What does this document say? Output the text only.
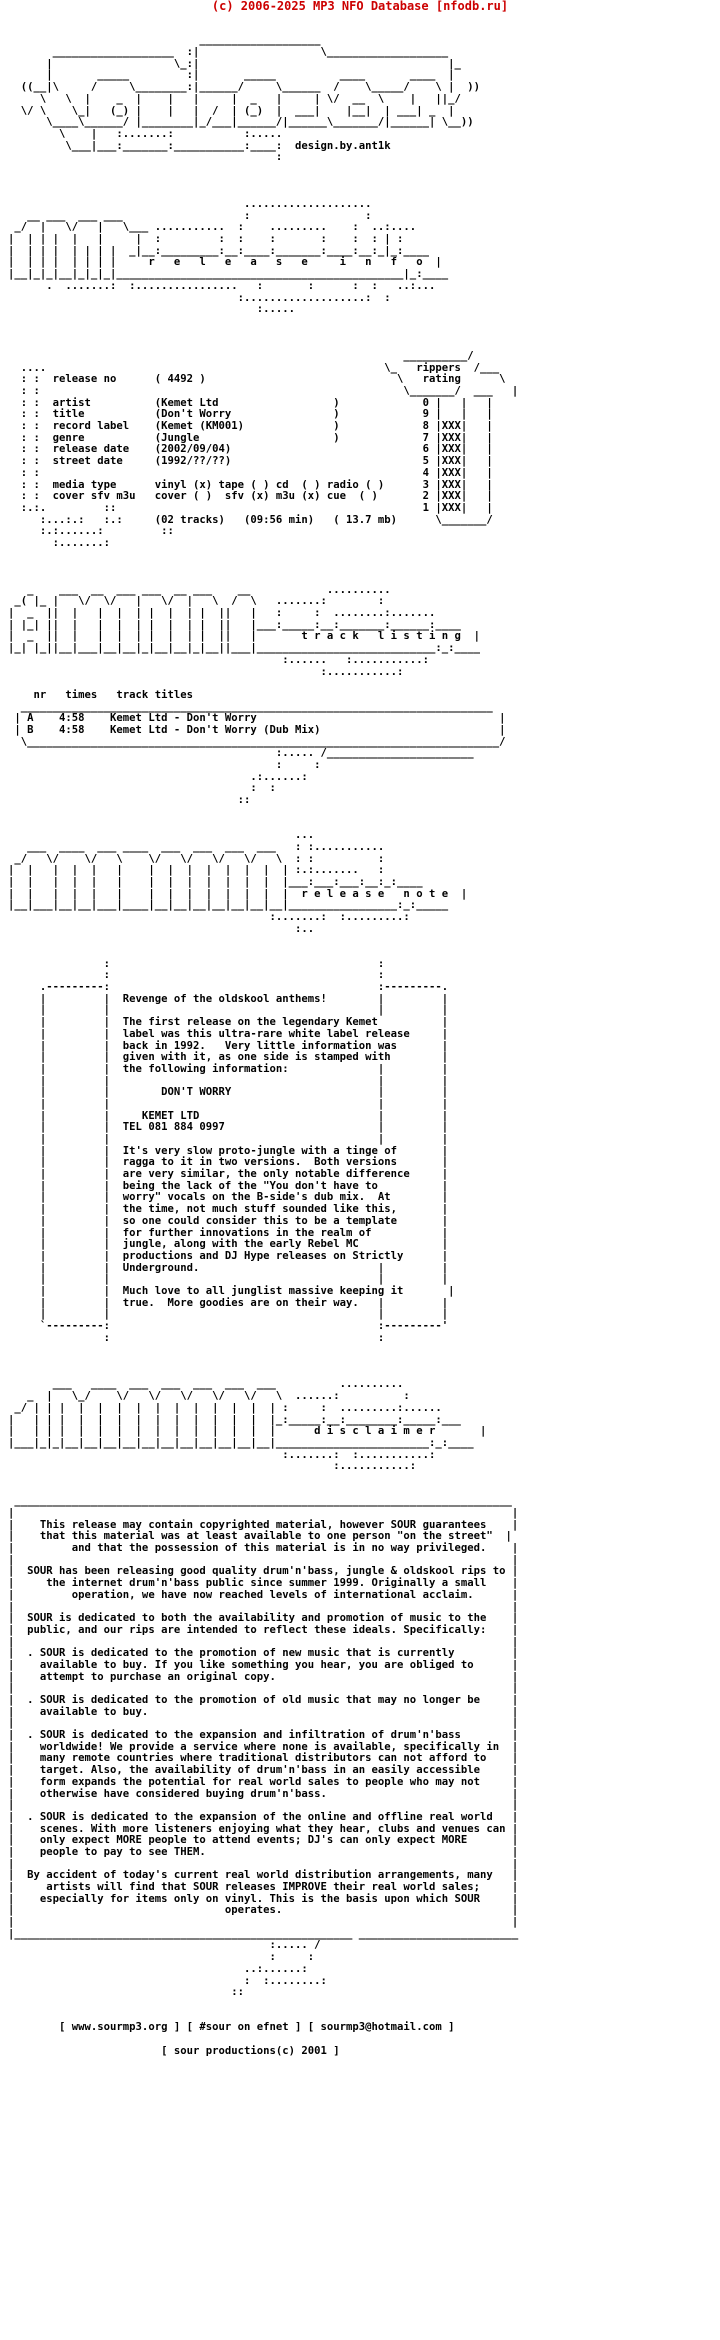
(c) 2006-2025 MP3 NFO Database [nfodb.ru]

___________________
___________________  :|                   \___________________
|                   \_:|                                       |_
|       _____         :|       _____          ____       ____  |
((__|\     /     \________:|______/     \______  /    \_____/    \ |  ))
\   \  |    _  |    |   |     |  _   |     | \/  __  \    |   ||_/
\/ \    \_|   (_) |    |   |  /  | (_)  |  ___|    |__|  | ___| _  |
\____\______/ |________|_/___|______/|______\_______/|______| \__))
\    |   :.......:           :.....
\___|___:_______:___________:____:  design.by.ant1k
:

....................
__ ___  ___ ___                   :                  :
_/  |   \/   |   \___ ...........  :    .........    :  ..:....
|  | | |  |   |     |  :         :  :    :       :    :  : | :
|  | | |  | | | |  _|__:_________:__:____:_______:____:__:_|_:____
|  | | |  | | | |     r   e   l   e   a   s   e     i   n   f   o  |
|__|_|_|__|_|_|_|_____________________________________________|_:____
.  .......:  :................   :       :      :  :   ..:...
:...................:  :
:.....

__________/
....                                                     \_   rippers  /___
: :  release no      ( 4492 )                              \   rating      \
: :                                                         \_______/  ___   |
: :  artist          (Kemet Ltd                  )             0 |   |   |
: :  title           (Don't Worry                )             9 |   |   |
: :  record label    (Kemet (KM001)              )             8 |XXX|   |
: :  genre           (Jungle                     )             7 |XXX|   |
: :  release date    (2002/09/04)                              6 |XXX|   |
: :  street date     (1992/??/??)                              5 |XXX|   |
: :                                                            4 |XXX|   |
: :  media type      vinyl (x) tape ( ) cd  ( ) radio ( )      3 |XXX|   |
: :  cover sfv m3u   cover ( )  sfv (x) m3u (x) cue  ( )       2 |XXX|   |
:.:.         ::                                                1 |XXX|   |
:...:.:   :.:     (02 tracks)   (09:56 min)   ( 13.7 mb)      \_______/
:.:......:         ::
:.......:

_    ___  __  ___ ___  __ ___    __            ..........
_( |_ |   \/  \/   |   \/  |   \  /  \   .......:        :
|  _  ||  |   |  |  | |  |  | |  ||   |   :     :  ........:.......
| |_| ||  |   |  |  | |  |  | |  ||   |___:_____:__:_______:______:____
|  _  ||  |   |  |  | |  |  | |  ||   |       t r a c k   l i s t i n g  |
|_| |_||__|___|__|__|_|__|__|_|__||___|____________________________:_:____
:......   :...........:
:...........:

nr   times   track titles
__________________________________________________________________________
| A    4:58    Kemet Ltd - Don't Worry                                      |
| B    4:58    Kemet Ltd - Don't Worry (Dub Mix)                            |
\__________________________________________________________________________/
:..... /_______________________
:     :
.:......:
:  :
::

...
___  ____  ___ ____  ___  ___  ___  ___   : :...........
_/   \/    \/   \    \/   \/   \/   \/   \  : :          :
|  |   |  |  |   |    |  |  |  |  |  |  |  | :.:.......   :
|  |   |  |  |   |    |  |  |  |  |  |  |  |___:___:___:__:_:____
|  |   |  |  |   |    |  |  |  |  |  |  |  |  r e l e a s e   n o t e  |
|__|___|__|__|___|____|__|__|__|__|__|__|__|_________________:_:_____
:.......:  :.........:
:..

:                                          :
:                                          :
.---------:                                          :---------.
|         |  Revenge of the oldskool anthems!        |         |
|         |                                          |         |
|         |  The first release on the legendary Kemet          |
|         |  label was this ultra-rare white label release     |
|         |  back in 1992.   Very little information was       |
|         |  given with it, as one side is stamped with        |
|         |  the following information:              |         |
|         |                                          |         |
|         |        DON'T WORRY                       |         |
|         |                                          |         |
|         |     KEMET LTD                            |         |
|         |  TEL 081 884 0997                        |         |
|         |                                          |         |
|         |  It's very slow proto-jungle with a tinge of       |
|         |  ragga to it in two versions.  Both versions       |
|         |  are very similar, the only notable difference     |
|         |  being the lack of the "You don't have to          |
|         |  worry" vocals on the B-side's dub mix.  At        |
|         |  the time, not much stuff sounded like this,       |
|         |  so one could consider this to be a template       |
|         |  for further innovations in the realm of           |
|         |  jungle, along with the early Rebel MC             |
|         |  productions and DJ Hype releases on Strictly      |
|         |  Underground.                            |         |
|         |                                          |         |
|         |  Much love to all junglist massive keeping it       |
|         |  true.  More goodies are on their way.   |         |
|         |                                          |         |
`---------:                                          :---------'
:                                          :

___   ____  ___  ___  ___  ___  ___          ..........
_  |   \_/    \/   \/   \/   \/   \/   \  ......:          :
_/ | | |  |  |  |  |  |  |  |  |  |  |  | :     :  .........:......
|   | | |  |  |  |  |  |  |  |  |  |  |  |_:_____:__:________:_____:___
|   | | |  |  |  |  |  |  |  |  |  |  |  |      d i s c l a i m e r       |
|___|_|_|__|__|__|__|__|__|__|__|__|__|__|________________________:_:____
:.......:  :...........:
:...........:

______________________________________________________________________________
|                                                                              |
|    This release may contain copyrighted material, however SOUR guarantees    |
|    that this material was at least available to one person "on the street"  |
|         and that the possession of this material is in no way privileged.    |
|                                                                              |
|  SOUR has been releasing good quality drum'n'bass, jungle & oldskool rips to |
|     the internet drum'n'bass public since summer 1999. Originally a small    |
|         operation, we have now reached levels of international acclaim.      |
|                                                                              |
|  SOUR is dedicated to both the availability and promotion of music to the    |
|  public, and our rips are intended to reflect these ideals. Specifically:    |
|                                                                              |
|  . SOUR is dedicated to the promotion of new music that is currently         |
|    available to buy. If you like something you hear, you are obliged to      |
|    attempt to purchase an original copy.                                     |
|                                                                              |
|  . SOUR is dedicated to the promotion of old music that may no longer be     |
|    available to buy.                                                         |
|                                                                              |
|  . SOUR is dedicated to the expansion and infiltration of drum'n'bass        |
|    worldwide! We provide a service where none is available, specifically in  |
|    many remote countries where traditional distributors can not afford to    |
|    target. Also, the availability of drum'n'bass in an easily accessible     |
|    form expands the potential for real world sales to people who may not     |
|    otherwise have considered buying drum'n'bass.                             |
|                                                                              |
|  . SOUR is dedicated to the expansion of the online and offline real world   |
|    scenes. With more listeners enjoying what they hear, clubs and venues can |
|    only expect MORE people to attend events; DJ's can only expect MORE       |
|    people to pay to see THEM.                                                |
|                                                                              |
|  By accident of today's current real world distribution arrangements, many   |
|     artists will find that SOUR releases IMPROVE their real world sales;     |
|    especially for items only on vinyl. This is the basis upon which SOUR     |
|                                 operates.                                    |
|                                                                              |
|_____________________________________________________ _________________________
:..... /
:     :
..:......:
:  :........:
::

[ www.sourmp3.org ] [ #sour on efnet ] [ sourmp3@hotmail.com ]

[ sour productions(c) 2001 ]
